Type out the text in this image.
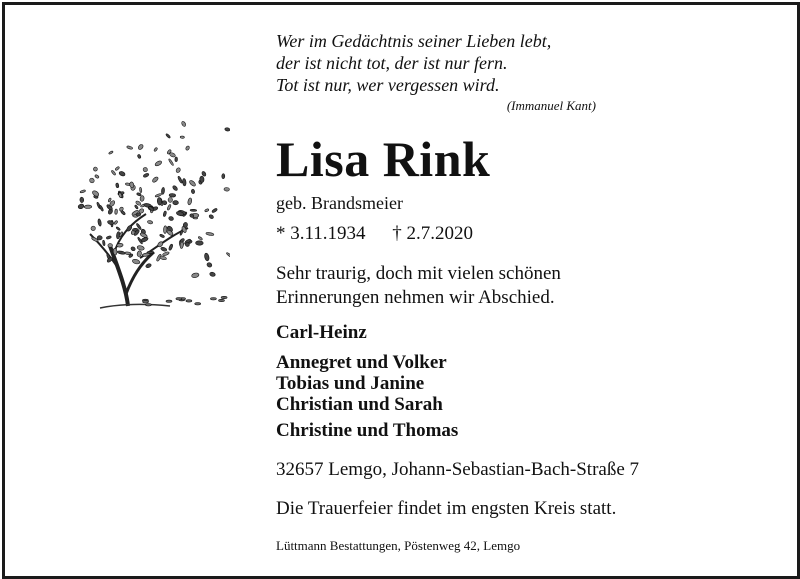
Wer im Gedächtnis seiner Lieben lebt,
der ist nicht tot, der ist nur fern.
Tot ist nur, wer vergessen wird.
(Immanuel Kant)
Lisa Rink
geb. Brandsmeier
* 3.11.1934 † 2.7.2020
Sehr traurig, doch mit vielen schönen
Erinnerungen nehmen wir Abschied.
Carl-Heinz
Annegret und Volker
Tobias und Janine
Christian und Sarah
Christine und Thomas
32657 Lemgo, Johann-Sebastian-Bach-Straße 7
Die Trauerfeier findet im engsten Kreis statt.
Lüttmann Bestattungen, Pöstenweg 42, Lemgo
